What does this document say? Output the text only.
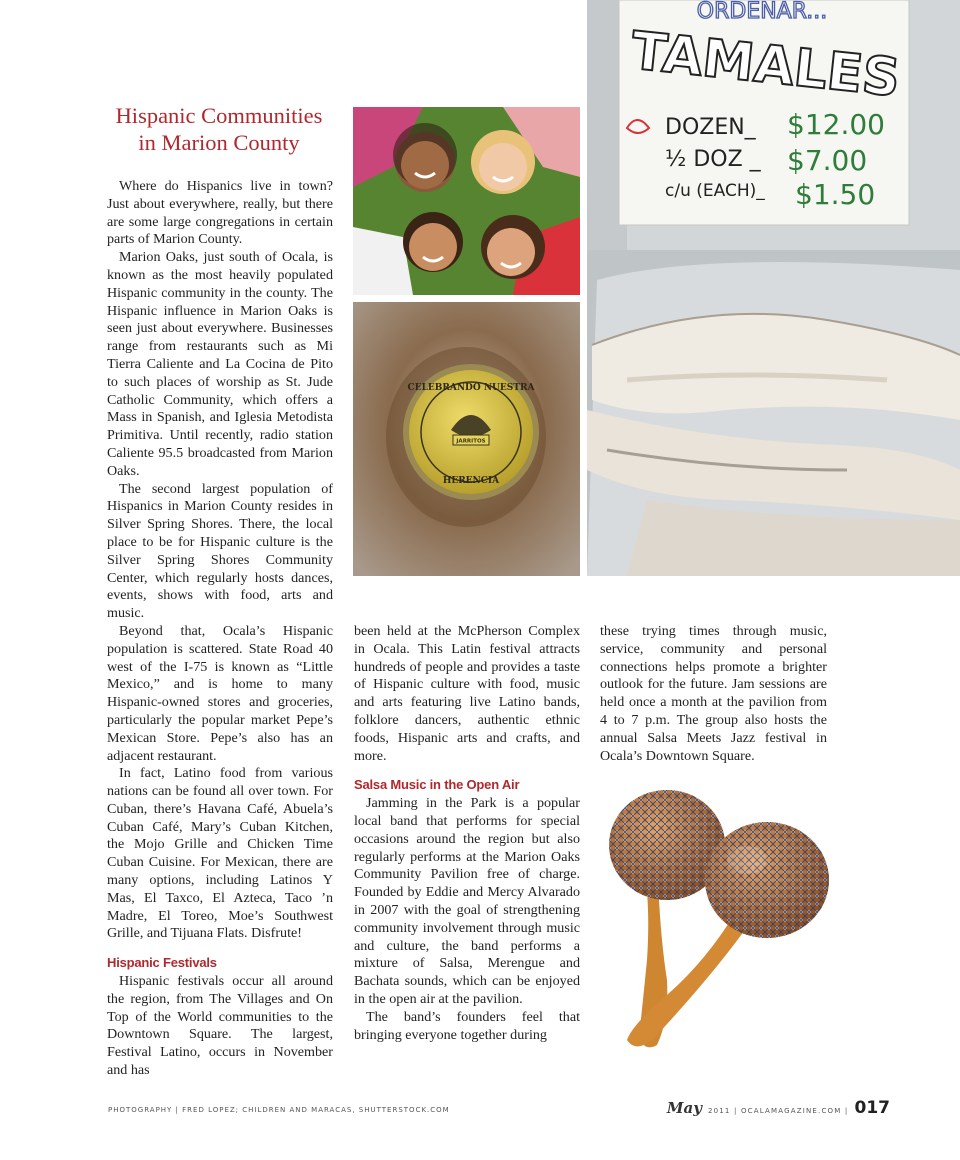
Hispanic Communities
in Marion County

Where do Hispanics live in town? Just about everywhere, really, but there are some large congregations in certain parts of Marion County.

Marion Oaks, just south of Ocala, is known as the most heavily populated Hispanic community in the county. The Hispanic influence in Marion Oaks is seen just about everywhere. Businesses range from restaurants such as Mi Tierra Caliente and La Cocina de Pito to such places of worship as St. Jude Catholic Community, which offers a Mass in Spanish, and Iglesia Metodista Primitiva. Until recently, radio station Caliente 95.5 broadcasted from Marion Oaks.

The second largest population of Hispanics in Marion County resides in Silver Spring Shores. There, the local place to be for Hispanic culture is the Silver Spring Shores Community Center, which regularly hosts dances, events, shows with food, arts and music.

Beyond that, Ocala’s Hispanic population is scattered. State Road 40 west of the I-75 is known as “Little Mexico,” and is home to many Hispanic-owned stores and groceries, particularly the popular market Pepe’s Mexican Store. Pepe’s also has an adjacent restaurant.

In fact, Latino food from various nations can be found all over town. For Cuban, there’s Havana Café, Abuela’s Cuban Café, Mary’s Cuban Kitchen, the Mojo Grille and Chicken Time Cuban Cuisine. For Mexican, there are many options, including Latinos Y Mas, El Taxco, El Azteca, Taco ’n Madre, El Toreo, Moe’s Southwest Grille, and Tijuana Flats. Disfrute!

Hispanic Festivals

Hispanic festivals occur all around the region, from The Villages and On Top of the World communities to the Downtown Square. The largest, Festival Latino, occurs in November and has

been held at the McPherson Complex in Ocala. This Latin festival attracts hundreds of people and provides a taste of Hispanic culture with food, music and arts featuring live Latino bands, folklore dancers, authentic ethnic foods, Hispanic arts and crafts, and more.

Salsa Music in the Open Air

Jamming in the Park is a popular local band that performs for special occasions around the region but also regularly performs at the Marion Oaks Community Pavilion free of charge. Founded by Eddie and Mercy Alvarado in 2007 with the goal of strengthening community involvement through music and culture, the band performs a mixture of Salsa, Merengue and Bachata sounds, which can be enjoyed in the open air at the pavilion.

The band’s founders feel that bringing everyone together during

these trying times through music, service, community and personal connections helps promote a brighter outlook for the future. Jam sessions are held once a month at the pavilion from 4 to 7 p.m. The group also hosts the annual Salsa Meets Jazz festival in Ocala’s Downtown Square.

JARRITOS
CELEBRANDO NUESTRA
HERENCIA
ORDENAR...
TAMALES
DOZEN_ $12.00
½ DOZ _ $7.00
c/u (EACH)_ $1.50
PHOTOGRAPHY | FRED LOPEZ; CHILDREN AND MARACAS, SHUTTERSTOCK.COM	May 2011 | OCALAMAGAZINE.COM | 017
